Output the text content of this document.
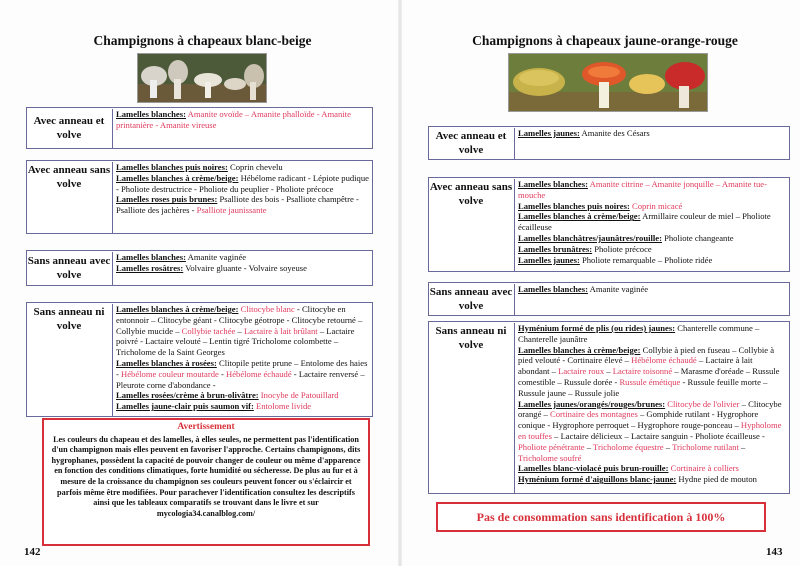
Champignons à chapeaux blanc-beige
Avec anneau et volve
Lamelles blanches: Amanite ovoïde – Amanite phalloïde - Amanite printanière - Amanite vireuse
Avec anneau sans volve
Lamelles blanches puis noires: Coprin chevelu
Lamelles blanches à crème/beige: Hébélome radicant - Lépiote pudique - Pholiote destructrice - Pholiote du peuplier - Pholiote précoce
Lamelles roses puis brunes: Psalliote des bois - Psalliote champêtre - Psalliote des jachères - Psalliote jaunissante
Sans anneau avec volve
Lamelles blanches: Amanite vaginée
Lamelles rosâtres: Volvaire gluante - Volvaire soyeuse
Sans anneau ni volve
Lamelles blanches à crème/beige: Clitocybe blanc - Clitocybe en entonnoir – Clitocybe géant - Clitocybe géotrope - Clitocybe retourné – Collybie mucide – Collybie tachée – Lactaire à lait brûlant – Lactaire poivré - Lactaire velouté – Lentin tigré Tricholome colombette – Tricholome de la Saint Georges
Lamelles blanches à rosées: Clitopile petite prune – Entolome des haies - Hébélome couleur moutarde - Hébélome échaudé - Lactaire renversé – Pleurote corne d'abondance -
Lamelles rosées/crème à brun-olivâtre: Inocybe de Patouillard
Lamelles jaune-clair puis saumon vif: Entolome livide
Avertissement
Les couleurs du chapeau et des lamelles, à elles seules, ne permettent pas l'identification d'un champignon mais elles peuvent en favoriser l'approche. Certains champignons, dits hygrophanes, possèdent la capacité de pouvoir changer de couleur ou même d'apparence en fonction des conditions climatiques, forte humidité ou sécheresse. De plus au fur et à mesure de la croissance du champignon ses couleurs peuvent foncer ou s'éclaircir et parfois même être modifiées. Pour parachever l'identification consultez les descriptifs ainsi que les tableaux comparatifs se trouvant dans le livre et sur mycologia34.canalblog.com/
142
Champignons à chapeaux jaune-orange-rouge
Avec anneau et volve
Lamelles jaunes: Amanite des Césars
Avec anneau sans volve
Lamelles blanches: Amanite citrine – Amanite jonquille – Amanite tue-mouche
Lamelles blanches puis noires: Coprin micacé
Lamelles blanches à crème/beige: Armillaire couleur de miel – Pholiote écailleuse
Lamelles blanchâtres/jaunâtres/rouille: Pholiote changeante
Lamelles brunâtres: Pholiote précoce
Lamelles jaunes: Pholiote remarquable – Pholiote ridée
Sans anneau avec volve
Lamelles blanches: Amanite vaginée
Sans anneau ni volve
Hyménium formé de plis (ou rides) jaunes: Chanterelle commune – Chanterelle jaunâtre
Lamelles blanches à crème/beige: Collybie à pied en fuseau – Collybie à pied velouté - Cortinaire élevé – Hébélome échaudé – Lactaire à lait abondant – Lactaire roux – Lactaire toisonné – Marasme d'oréade – Russule comestible – Russule dorée - Russule émétique - Russule feuille morte – Russule jaune – Russule jolie
Lamelles jaunes/orangés/rouges/brunes: Clitocybe de l'olivier – Clitocybe orangé – Cortinaire des montagnes – Gomphide rutilant - Hygrophore conique - Hygrophore perroquet – Hygrophore rouge-ponceau – Hypholome en touffes – Lactaire délicieux – Lactaire sanguin - Pholiote écailleuse - Pholiote pénétrante – Tricholome équestre – Tricholome rutilant – Tricholome soufré
Lamelles blanc-violacé puis brun-rouille: Cortinaire à colliers
Hyménium formé d'aiguillons blanc-jaune: Hydne pied de mouton
Pas de consommation sans identification à 100%
143
